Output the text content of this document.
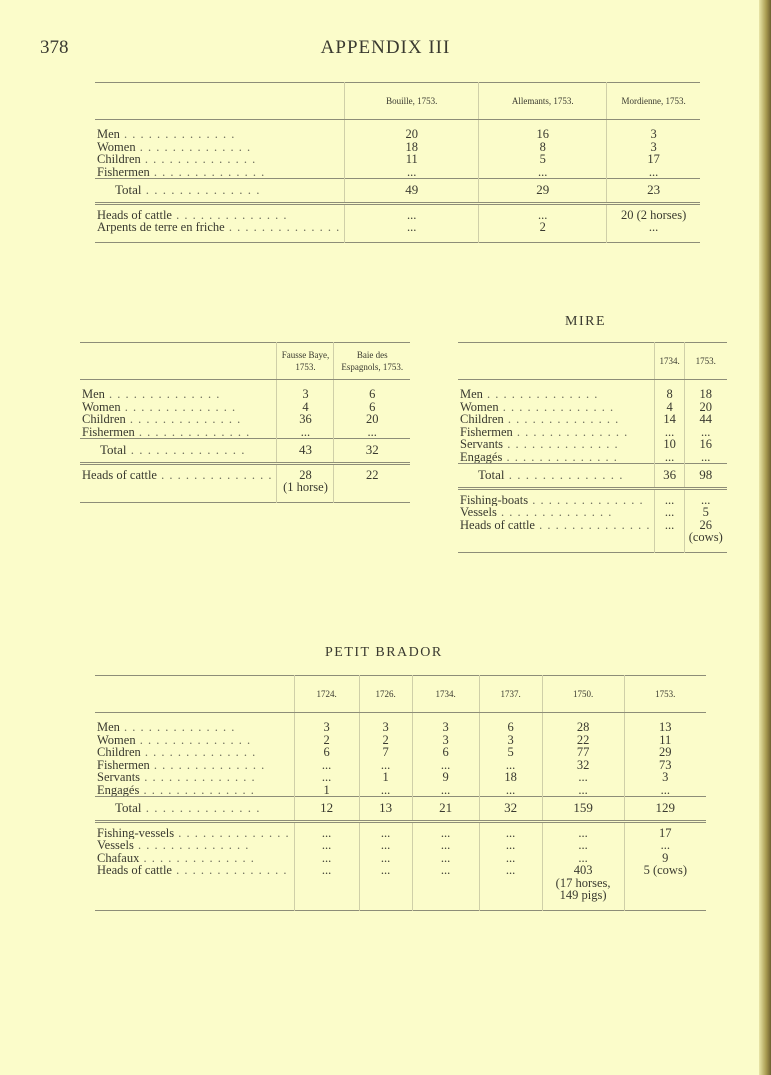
378	APPENDIX III
MIRE
PETIT BRADOR
	Bouille, 1753.	Allemants, 1753.	Mordienne, 1753.

Men . .	20	16	3

Women . .	18	8	3

Children . .	11	5	17

Fishermen . .	...	...	...

Total . .	49	29	23

Heads of cattle . .	...	...	20 (2 horses)

Arpents de terre en friche . .	...	2	...

	Fausse Baye, 1753.	Baie des Espagnols, 1753.

Men . .	3	6

Women . .	4	6

Children . .	36	20

Fishermen . .	...	...

Total . .	43	32

Heads of cattle . .	28	22
	(1 horse)	

	1734.	1753.

Men . .	8	18

Women . .	4	20

Children . .	14	44

Fishermen . .	...	...

Servants . .	10	16

Engagés . .	...	...

Total . .	36	98

Fishing-boats . .	...	...

Vessels . .	...	5

Heads of cattle . .	...	26
		(cows)

	1724.	1726.	1734.	1737.	1750.	1753.

Men . .	3	3	3	6	28	13

Women . .	2	2	3	3	22	11

Children . .	6	7	6	5	77	29

Fishermen . .	...	...	...	...	32	73

Servants . .	...	1	9	18	...	3

Engagés . .	1	...	...	...	...	...

Total . .	12	13	21	32	159	129

Fishing-vessels . .	...	...	...	...	...	17

Vessels . .	...	...	...	...	...	...

Chafaux . .	...	...	...	...	...	9

Heads of cattle . .	...	...	...	...	403	5 (cows)
					(17 horses,	
					149 pigs)	
